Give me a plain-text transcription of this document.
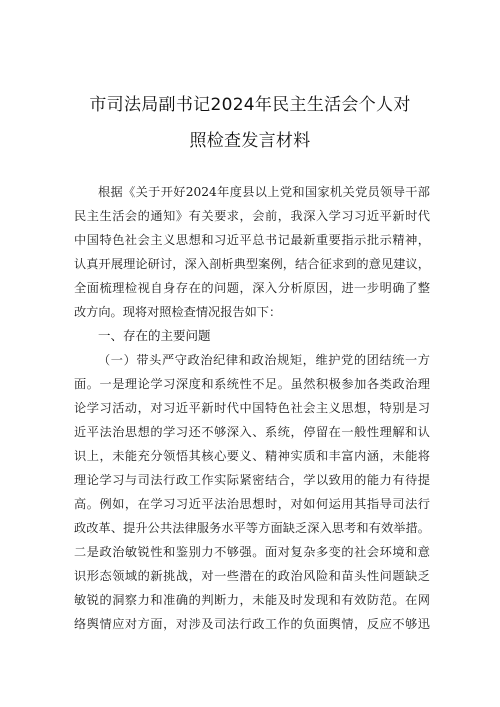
市司法局副书记2024年民主生活会个人对
照检查发言材料
根据《关于开好2024年度县以上党和国家机关党员领导干部
民主生活会的通知》有关要求，会前，我深入学习习近平新时代
中国特色社会主义思想和习近平总书记最新重要指示批示精神，
认真开展理论研讨，深入剖析典型案例，结合征求到的意见建议，
全面梳理检视自身存在的问题，深入分析原因，进一步明确了整
改方向。现将对照检查情况报告如下：
一、存在的主要问题
（一）带头严守政治纪律和政治规矩，维护党的团结统一方
面。一是理论学习深度和系统性不足。虽然积极参加各类政治理
论学习活动，对习近平新时代中国特色社会主义思想，特别是习
近平法治思想的学习还不够深入、系统，停留在一般性理解和认
识上，未能充分领悟其核心要义、精神实质和丰富内涵，未能将
理论学习与司法行政工作实际紧密结合，学以致用的能力有待提
高。例如，在学习习近平法治思想时，对如何运用其指导司法行
政改革、提升公共法律服务水平等方面缺乏深入思考和有效举措。
二是政治敏锐性和鉴别力不够强。面对复杂多变的社会环境和意
识形态领域的新挑战，对一些潜在的政治风险和苗头性问题缺乏
敏锐的洞察力和准确的判断力，未能及时发现和有效防范。在网
络舆情应对方面，对涉及司法行政工作的负面舆情，反应不够迅
